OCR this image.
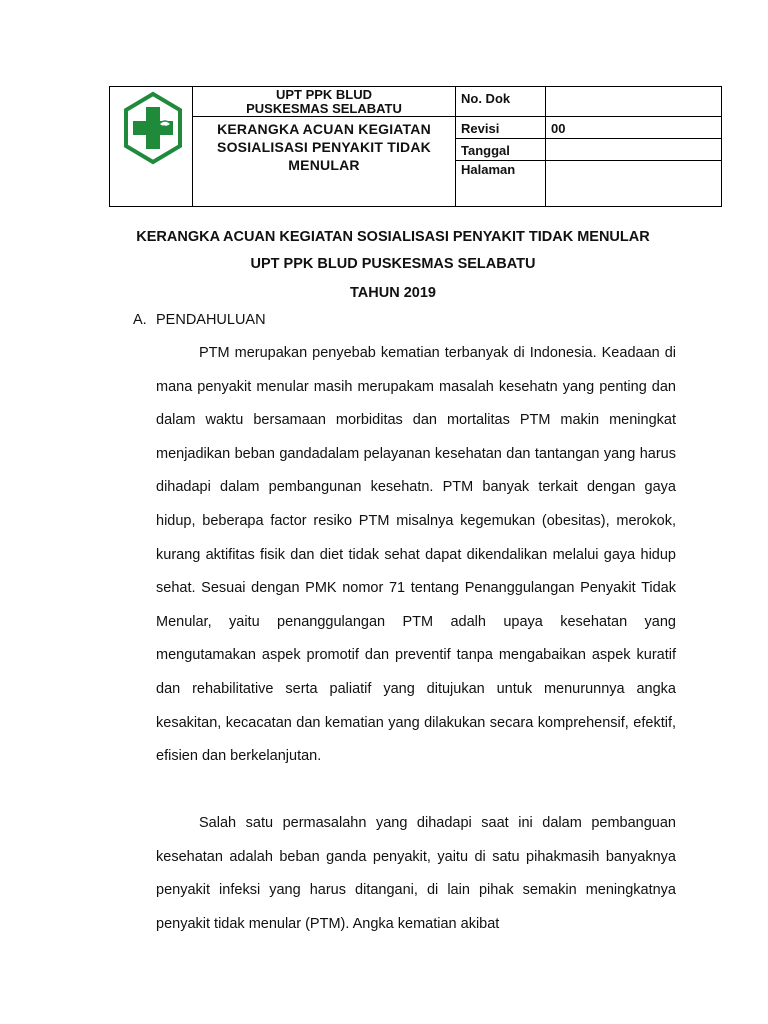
UPT PPK BLUD
PUSKESMAS SELABATU	No. Dok	

	KERANGKA ACUAN KEGIATAN SOSIALISASI PENYAKIT TIDAK MENULAR	Revisi	00
		Tanggal	
		Halaman	
KERANGKA ACUAN KEGIATAN SOSIALISASI PENYAKIT TIDAK MENULAR
UPT PPK BLUD PUSKESMAS SELABATU
TAHUN 2019
A. PENDAHULUAN

PTM merupakan penyebab kematian terbanyak di Indonesia. Keadaan di mana penyakit menular masih merupakam masalah kesehatn yang penting dan dalam waktu bersamaan morbiditas dan mortalitas PTM makin meningkat menjadikan beban gandadalam pelayanan kesehatan dan tantangan yang harus dihadapi dalam pembangunan kesehatn. PTM banyak terkait dengan gaya hidup, beberapa factor resiko PTM misalnya kegemukan (obesitas), merokok, kurang aktifitas fisik dan diet tidak sehat dapat dikendalikan melalui gaya hidup sehat. Sesuai dengan PMK nomor 71 tentang Penanggulangan Penyakit Tidak Menular, yaitu penanggulangan PTM adalh upaya kesehatan yang mengutamakan aspek promotif dan preventif tanpa mengabaikan aspek kuratif dan rehabilitative serta paliatif yang ditujukan untuk menurunnya angka kesakitan, kecacatan dan kematian yang dilakukan secara komprehensif, efektif, efisien dan berkelanjutan.

Salah satu permasalahn yang dihadapi saat ini dalam pembanguan kesehatan adalah beban ganda penyakit, yaitu di satu pihakmasih banyaknya penyakit infeksi yang harus ditangani, di lain pihak semakin meningkatnya penyakit tidak menular (PTM). Angka kematian akibat
